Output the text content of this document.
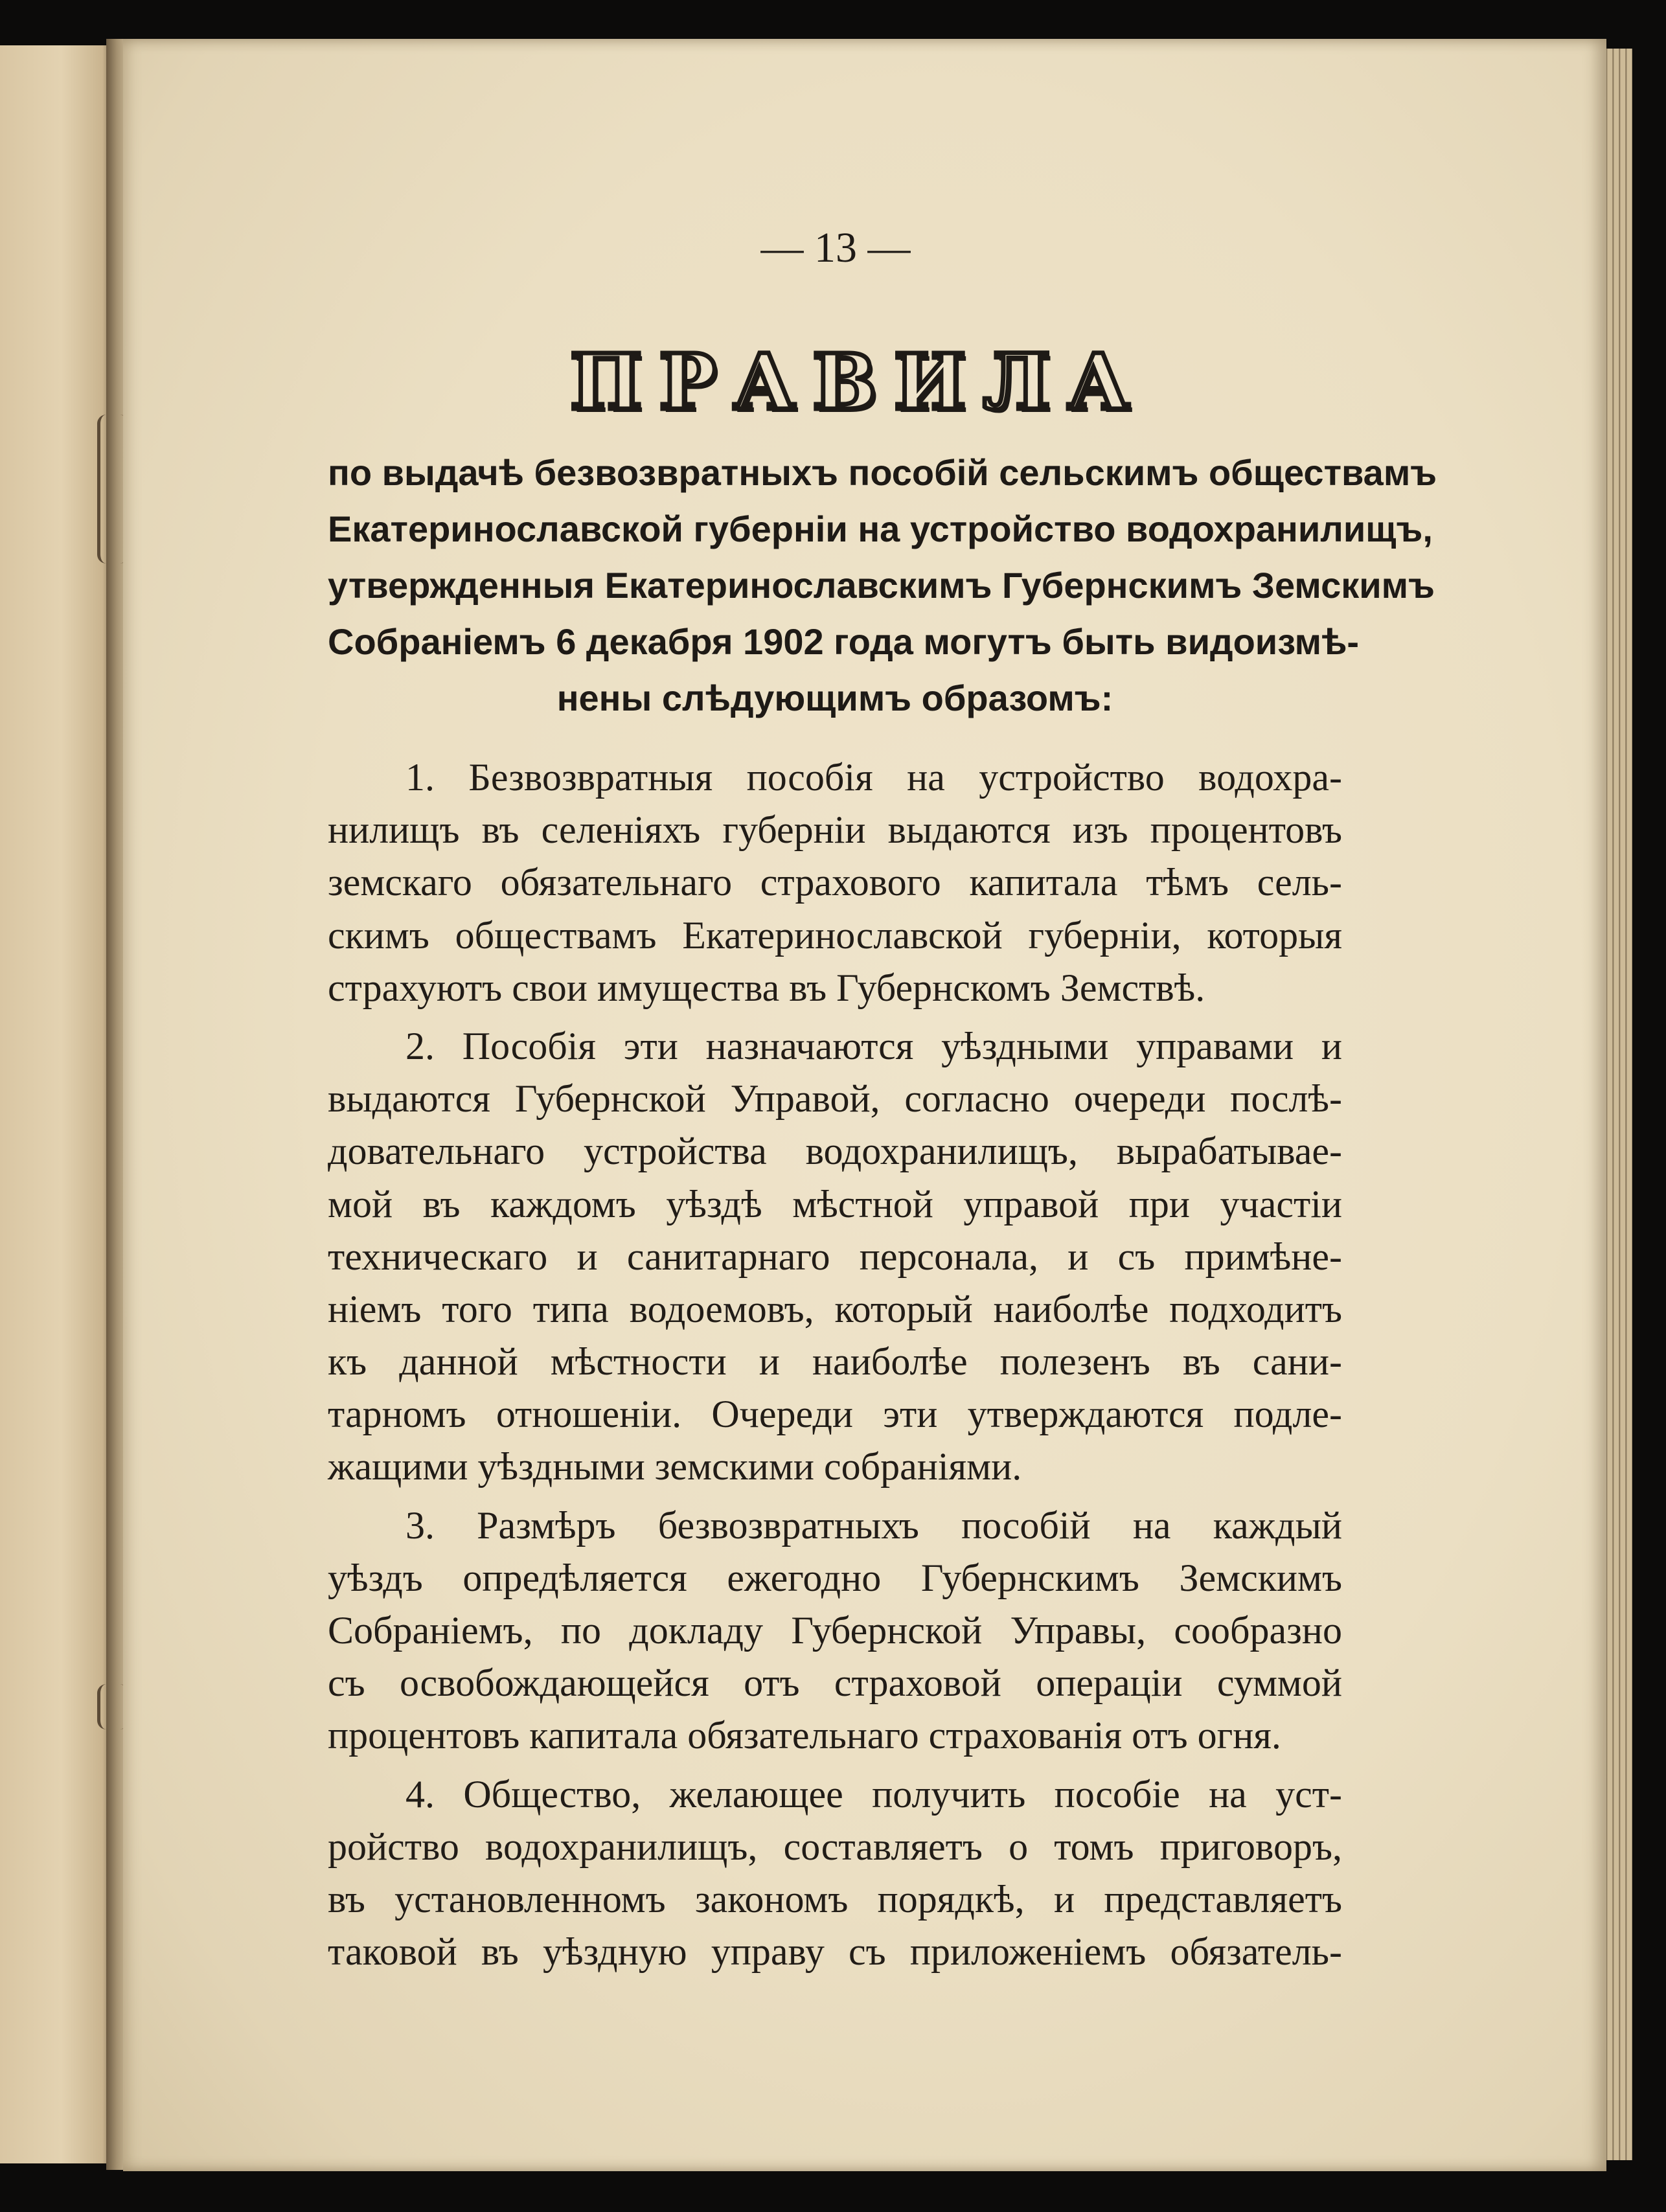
— 13 —
ПРАВИЛА
по выдачѣ безвозвратныхъ пособій сельскимъ обществамъ
Екатеринославской губерніи на устройство водохранилищъ,
утвержденныя Екатеринославскимъ Губернскимъ Земскимъ
Собраніемъ 6 декабря 1902 года могутъ быть видоизмѣ-
нены слѣдующимъ образомъ:
1. Безвозвратныя пособія на устройство водохра-
нилищъ въ селеніяхъ губерніи выдаются изъ процентовъ
земскаго обязательнаго страхового капитала тѣмъ сель-
скимъ обществамъ Екатеринославской губерніи, которыя
страхуютъ свои имущества въ Губернскомъ Земствѣ.
2. Пособія эти назначаются уѣздными управами и
выдаются Губернской Управой, согласно очереди послѣ-
довательнаго устройства водохранилищъ, вырабатывае-
мой въ каждомъ уѣздѣ мѣстной управой при участіи
техническаго и санитарнаго персонала, и съ примѣне-
ніемъ того типа водоемовъ, который наиболѣе подходитъ
къ данной мѣстности и наиболѣе полезенъ въ сани-
тарномъ отношеніи. Очереди эти утверждаются подле-
жащими уѣздными земскими собраніями.
3. Размѣръ безвозвратныхъ пособій на каждый
уѣздъ опредѣляется ежегодно Губернскимъ Земскимъ
Собраніемъ, по докладу Губернской Управы, сообразно
съ освобождающейся отъ страховой операціи суммой
процентовъ капитала обязательнаго страхованія отъ огня.
4. Общество, желающее получить пособіе на уст-
ройство водохранилищъ, составляетъ о томъ приговоръ,
въ установленномъ закономъ порядкѣ, и представляетъ
таковой въ уѣздную управу съ приложеніемъ обязатель-
